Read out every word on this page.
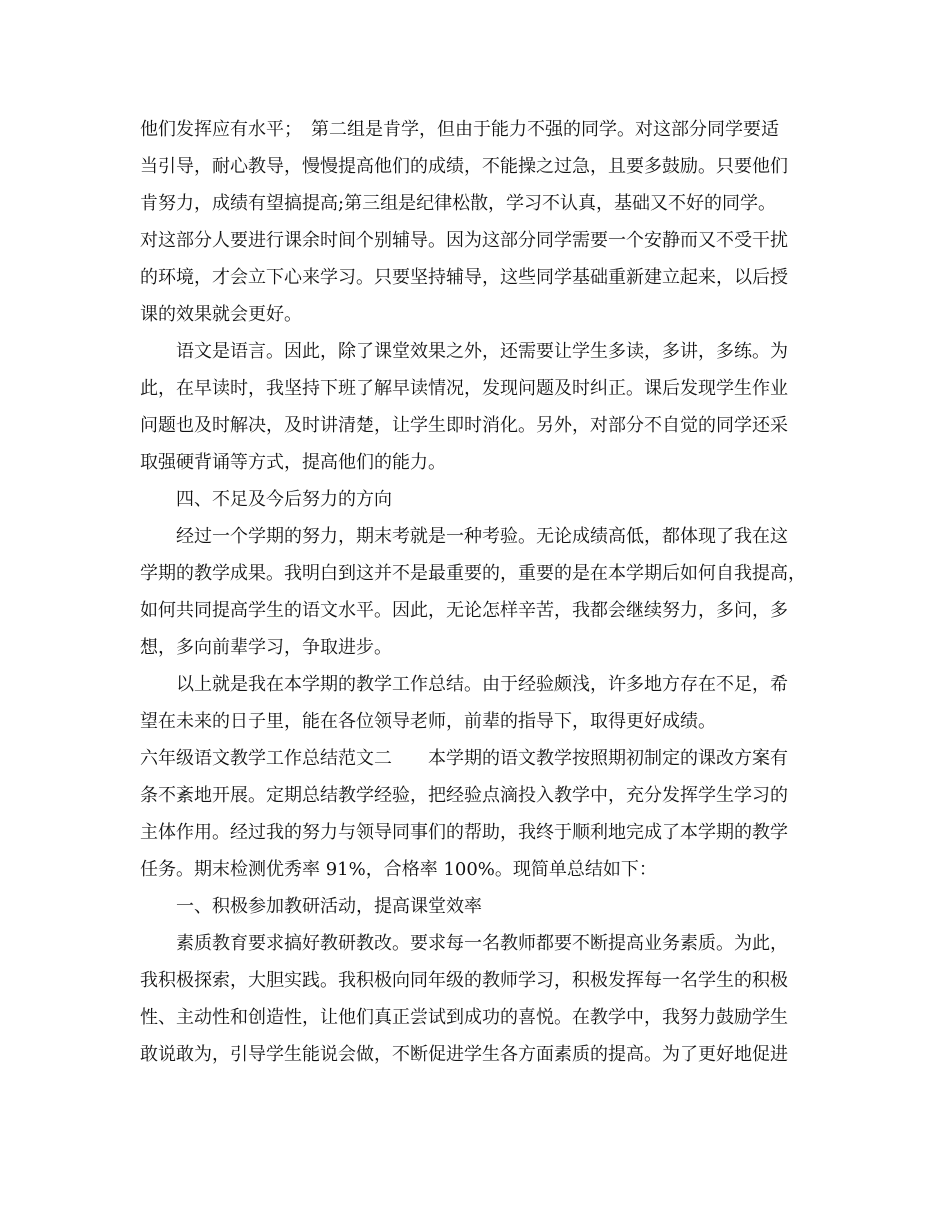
他们发挥应有水平；　第二组是肯学，但由于能力不强的同学。对这部分同学要适
当引导，耐心教导，慢慢提高他们的成绩，不能操之过急，且要多鼓励。只要他们
肯努力，成绩有望搞提高;第三组是纪律松散，学习不认真，基础又不好的同学。
对这部分人要进行课余时间个别辅导。因为这部分同学需要一个安静而又不受干扰
的环境，才会立下心来学习。只要坚持辅导，这些同学基础重新建立起来，以后授
课的效果就会更好。
　　语文是语言。因此，除了课堂效果之外，还需要让学生多读，多讲，多练。为
此，在早读时，我坚持下班了解早读情况，发现问题及时纠正。课后发现学生作业
问题也及时解决，及时讲清楚，让学生即时消化。另外，对部分不自觉的同学还采
取强硬背诵等方式，提高他们的能力。
　　四、不足及今后努力的方向
　　经过一个学期的努力，期末考就是一种考验。无论成绩高低，都体现了我在这
学期的教学成果。我明白到这并不是最重要的，重要的是在本学期后如何自我提高，
如何共同提高学生的语文水平。因此，无论怎样辛苦，我都会继续努力，多问，多
想，多向前辈学习，争取进步。
　　以上就是我在本学期的教学工作总结。由于经验颇浅，许多地方存在不足，希
望在未来的日子里，能在各位领导老师，前辈的指导下，取得更好成绩。
六年级语文教学工作总结范文二　　本学期的语文教学按照期初制定的课改方案有
条不紊地开展。定期总结教学经验，把经验点滴投入教学中，充分发挥学生学习的
主体作用。经过我的努力与领导同事们的帮助，我终于顺利地完成了本学期的教学
任务。期末检测优秀率 91%，合格率 100%。现简单总结如下：
　　一、积极参加教研活动，提高课堂效率
　　素质教育要求搞好教研教改。要求每一名教师都要不断提高业务素质。为此，
我积极探索，大胆实践。我积极向同年级的教师学习，积极发挥每一名学生的积极
性、主动性和创造性，让他们真正尝试到成功的喜悦。在教学中，我努力鼓励学生
敢说敢为，引导学生能说会做，不断促进学生各方面素质的提高。为了更好地促进
